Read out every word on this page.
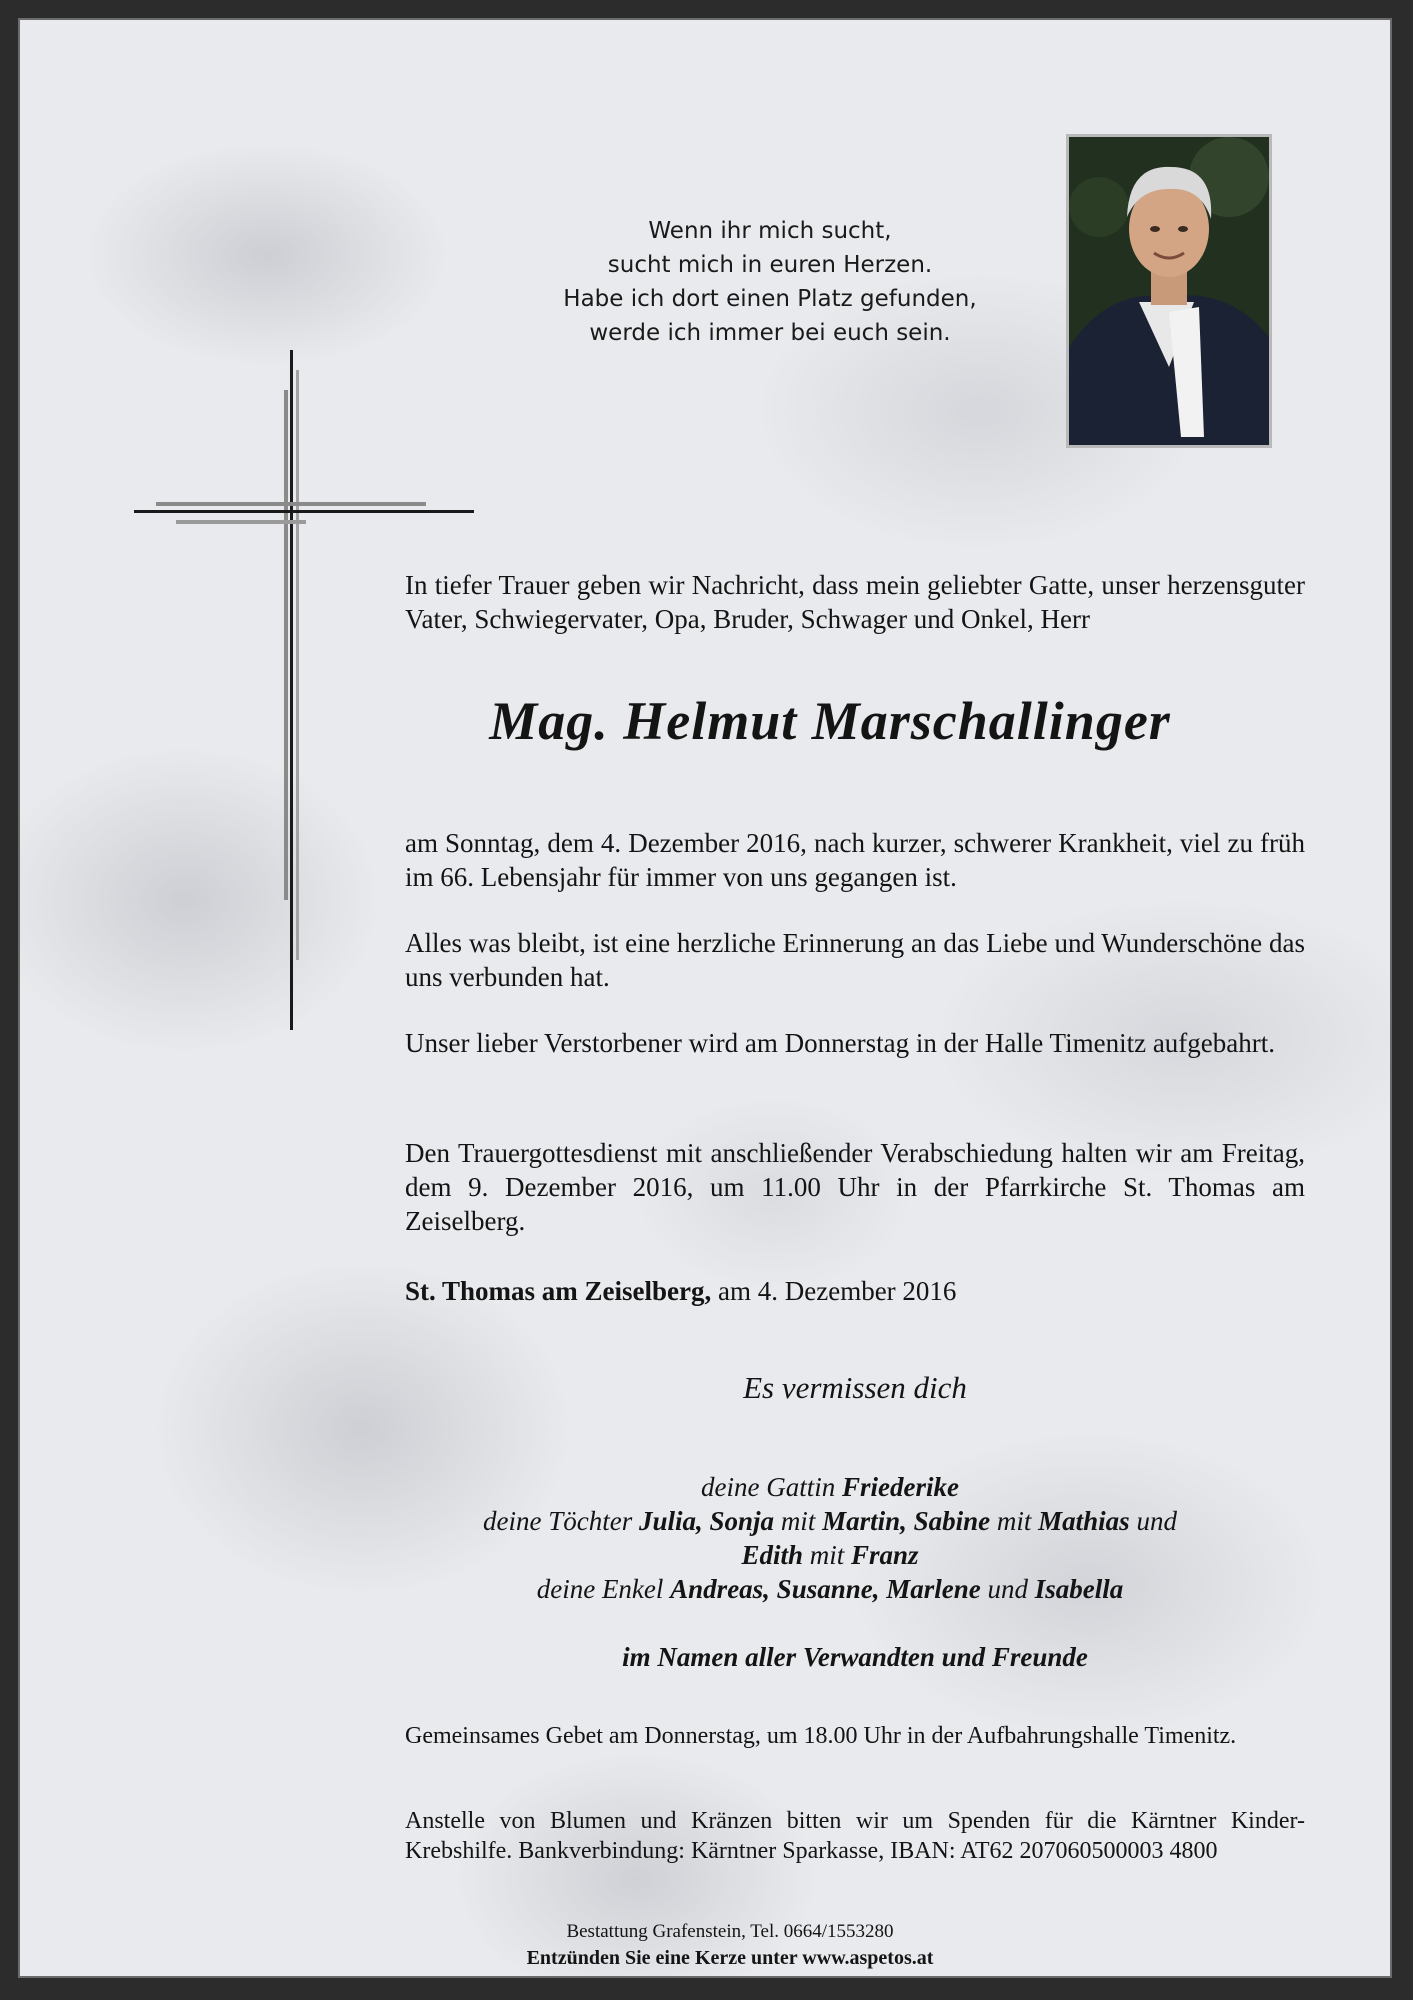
Wenn ihr mich sucht,
sucht mich in euren Herzen.
Habe ich dort einen Platz gefunden,
werde ich immer bei euch sein.
In tiefer Trauer geben wir Nachricht, dass mein geliebter Gatte, unser herzensguter Vater, Schwiegervater, Opa, Bruder, Schwager und Onkel, Herr
Mag. Helmut Marschallinger
am Sonntag, dem 4. Dezember 2016, nach kurzer, schwerer Krankheit, viel zu früh im 66. Lebensjahr für immer von uns gegangen ist.
Alles was bleibt, ist eine herzliche Erinnerung an das Liebe und Wunderschöne das uns verbunden hat.
Unser lieber Verstorbener wird am Donnerstag in der Halle Timenitz aufgebahrt.
Den Trauergottesdienst mit anschließender Verabschiedung halten wir am Freitag, dem 9. Dezember 2016, um 11.00 Uhr in der Pfarrkirche St. Thomas am Zeiselberg.
St. Thomas am Zeiselberg, am 4. Dezember 2016
Es vermissen dich
deine Gattin Friederike
deine Töchter Julia, Sonja mit Martin, Sabine mit Mathias und
Edith mit Franz
deine Enkel Andreas, Susanne, Marlene und Isabella
im Namen aller Verwandten und Freunde
Gemeinsames Gebet am Donnerstag, um 18.00 Uhr in der Aufbahrungshalle Timenitz.
Anstelle von Blumen und Kränzen bitten wir um Spenden für die Kärntner Kinder-Krebshilfe. Bankverbindung: Kärntner Sparkasse, IBAN: AT62 207060500003 4800
Bestattung Grafenstein, Tel. 0664/1553280
Entzünden Sie eine Kerze unter www.aspetos.at
